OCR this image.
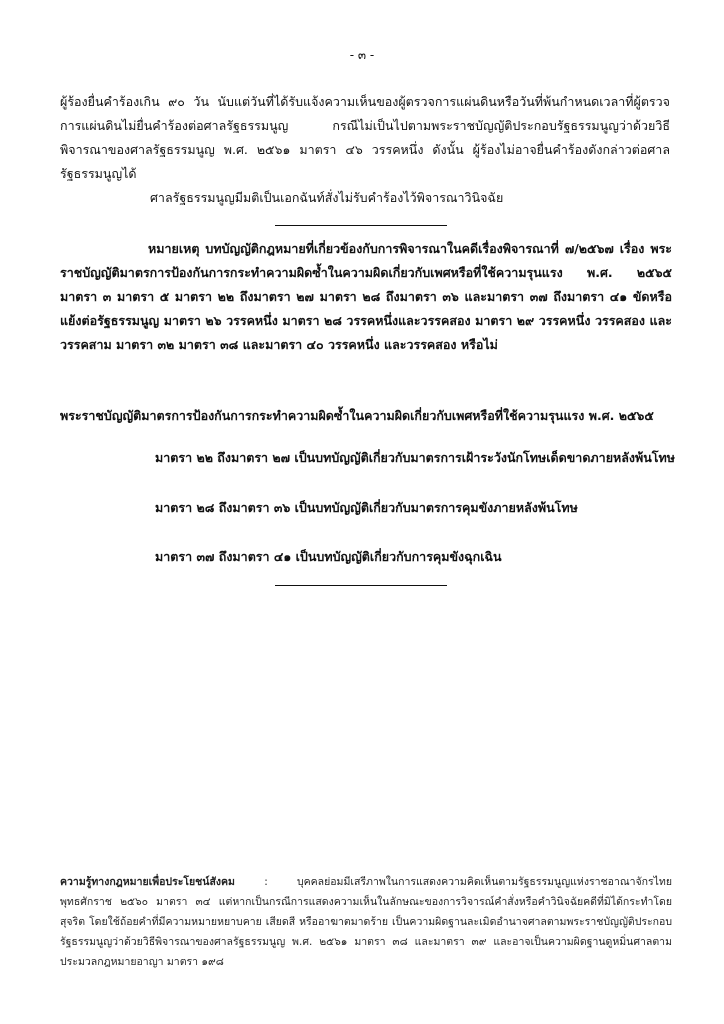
- ๓ -

ผู้ร้องยื่นคำร้องเกิน ๙๐ วัน นับแต่วันที่ได้รับแจ้งความเห็นของผู้ตรวจการแผ่นดินหรือวันที่พ้นกำหนดเวลาที่ผู้ตรวจการแผ่นดินไม่ยื่นคำร้องต่อศาลรัฐธรรมนูญ กรณีไม่เป็นไปตามพระราชบัญญัติประกอบรัฐธรรมนูญว่าด้วยวิธีพิจารณาของศาลรัฐธรรมนูญ พ.ศ. ๒๕๖๑ มาตรา ๔๖ วรรคหนึ่ง ดังนั้น ผู้ร้องไม่อาจยื่นคำร้องดังกล่าวต่อศาลรัฐธรรมนูญได้

ศาลรัฐธรรมนูญมีมติเป็นเอกฉันท์สั่งไม่รับคำร้องไว้พิจารณาวินิจฉัย
หมายเหตุ บทบัญญัติกฎหมายที่เกี่ยวข้องกับการพิจารณาในคดีเรื่องพิจารณาที่ ๗/๒๕๖๗ เรื่อง พระราชบัญญัติมาตรการป้องกันการกระทำความผิดซ้ำในความผิดเกี่ยวกับเพศหรือที่ใช้ความรุนแรง พ.ศ. ๒๕๖๕ มาตรา ๓ มาตรา ๕ มาตรา ๒๒ ถึงมาตรา ๒๗ มาตรา ๒๘ ถึงมาตรา ๓๖ และมาตรา ๓๗ ถึงมาตรา ๔๑ ขัดหรือแย้งต่อรัฐธรรมนูญ มาตรา ๒๖ วรรคหนึ่ง มาตรา ๒๘ วรรคหนึ่งและวรรคสอง มาตรา ๒๙ วรรคหนึ่ง วรรคสอง และวรรคสาม มาตรา ๓๒ มาตรา ๓๘ และมาตรา ๔๐ วรรคหนึ่ง และวรรคสอง หรือไม่
พระราชบัญญัติมาตรการป้องกันการกระทำความผิดซ้ำในความผิดเกี่ยวกับเพศหรือที่ใช้ความรุนแรง พ.ศ. ๒๕๖๕
มาตรา ๒๒ ถึงมาตรา ๒๗ เป็นบทบัญญัติเกี่ยวกับมาตรการเฝ้าระวังนักโทษเด็ดขาดภายหลังพ้นโทษ
มาตรา ๒๘ ถึงมาตรา ๓๖ เป็นบทบัญญัติเกี่ยวกับมาตรการคุมขังภายหลังพ้นโทษ
มาตรา ๓๗ ถึงมาตรา ๔๑ เป็นบทบัญญัติเกี่ยวกับการคุมขังฉุกเฉิน
ความรู้ทางกฎหมายเพื่อประโยชน์สังคม : บุคคลย่อมมีเสรีภาพในการแสดงความคิดเห็นตามรัฐธรรมนูญแห่งราชอาณาจักรไทย พุทธศักราช ๒๕๖๐ มาตรา ๓๔ แต่หากเป็นกรณีการแสดงความเห็นในลักษณะของการวิจารณ์คำสั่งหรือคำวินิจฉัยคดีที่มิได้กระทำโดยสุจริต โดยใช้ถ้อยคำที่มีความหมายหยาบคาย เสียดสี หรืออาฆาตมาดร้าย เป็นความผิดฐานละเมิดอำนาจศาลตามพระราชบัญญัติประกอบรัฐธรรมนูญว่าด้วยวิธีพิจารณาของศาลรัฐธรรมนูญ พ.ศ. ๒๕๖๑ มาตรา ๓๘ และมาตรา ๓๙ และอาจเป็นความผิดฐานดูหมิ่นศาลตามประมวลกฎหมายอาญา มาตรา ๑๙๘
